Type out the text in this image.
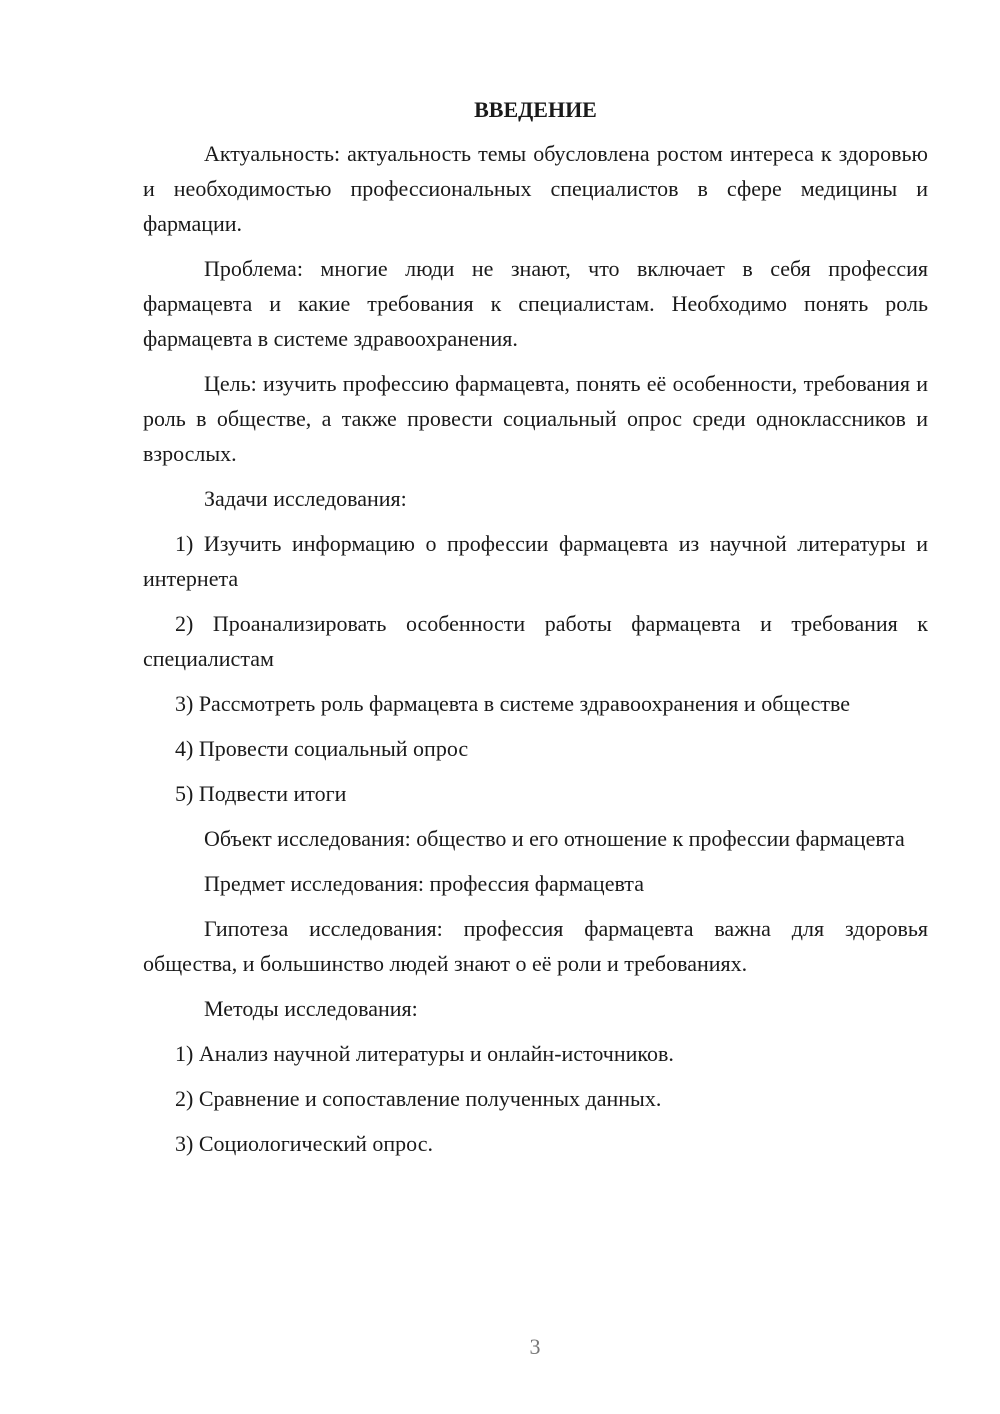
ВВЕДЕНИЕ

Актуальность: актуальность темы обусловлена ростом интереса к здоровью и необходимостью профессиональных специалистов в сфере медицины и фармации.

Проблема: многие люди не знают, что включает в себя профессия фармацевта и какие требования к специалистам. Необходимо понять роль фармацевта в системе здравоохранения.

Цель: изучить профессию фармацевта, понять её особенности, требования и роль в обществе, а также провести социальный опрос среди одноклассников и взрослых.

Задачи исследования:

1) Изучить информацию о профессии фармацевта из научной литературы и интернета

2) Проанализировать особенности работы фармацевта и требования к специалистам

3) Рассмотреть роль фармацевта в системе здравоохранения и обществе

4) Провести социальный опрос

5) Подвести итоги

Объект исследования: общество и его отношение к профессии фармацевта

Предмет исследования: профессия фармацевта

Гипотеза исследования: профессия фармацевта важна для здоровья общества, и большинство людей знают о её роли и требованиях.

Методы исследования:

1) Анализ научной литературы и онлайн-источников.

2) Сравнение и сопоставление полученных данных.

3) Социологический опрос.

3
